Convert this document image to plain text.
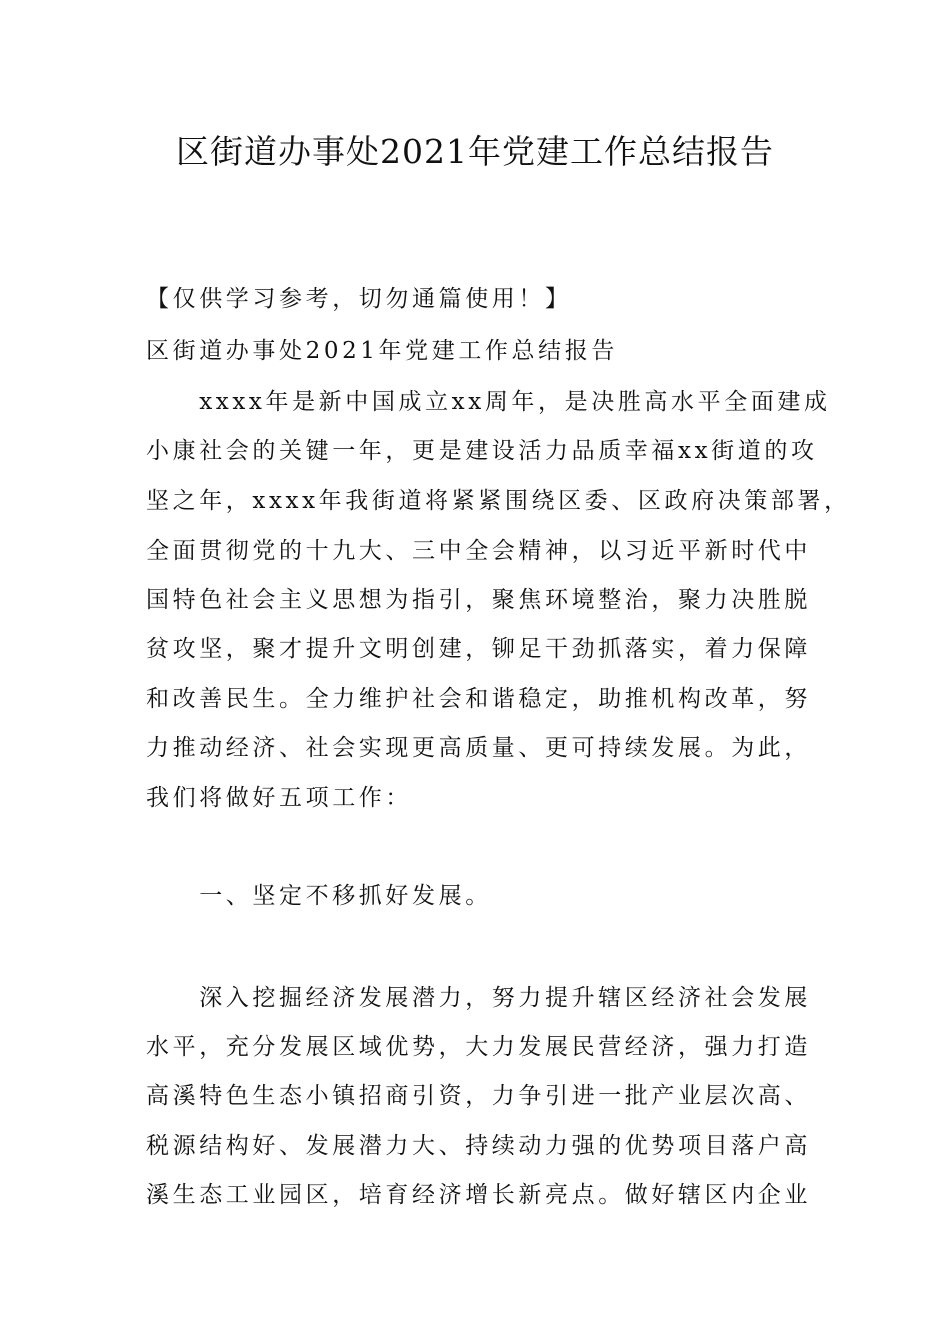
区街道办事处2021年党建工作总结报告

【仅供学习参考，切勿通篇使用！】

区街道办事处2021年党建工作总结报告

　　xxxx年是新中国成立xx周年，是决胜高水平全面建成

小康社会的关键一年，更是建设活力品质幸福xx街道的攻

坚之年，xxxx年我街道将紧紧围绕区委、区政府决策部署，

全面贯彻党的十九大、三中全会精神，以习近平新时代中

国特色社会主义思想为指引，聚焦环境整治，聚力决胜脱

贫攻坚，聚才提升文明创建，铆足干劲抓落实，着力保障

和改善民生。全力维护社会和谐稳定，助推机构改革，努

力推动经济、社会实现更高质量、更可持续发展。为此，

我们将做好五项工作：

　　一、坚定不移抓好发展。

　　深入挖掘经济发展潜力，努力提升辖区经济社会发展

水平，充分发展区域优势，大力发展民营经济，强力打造

高溪特色生态小镇招商引资，力争引进一批产业层次高、

税源结构好、发展潜力大、持续动力强的优势项目落户高

溪生态工业园区，培育经济增长新亮点。做好辖区内企业
